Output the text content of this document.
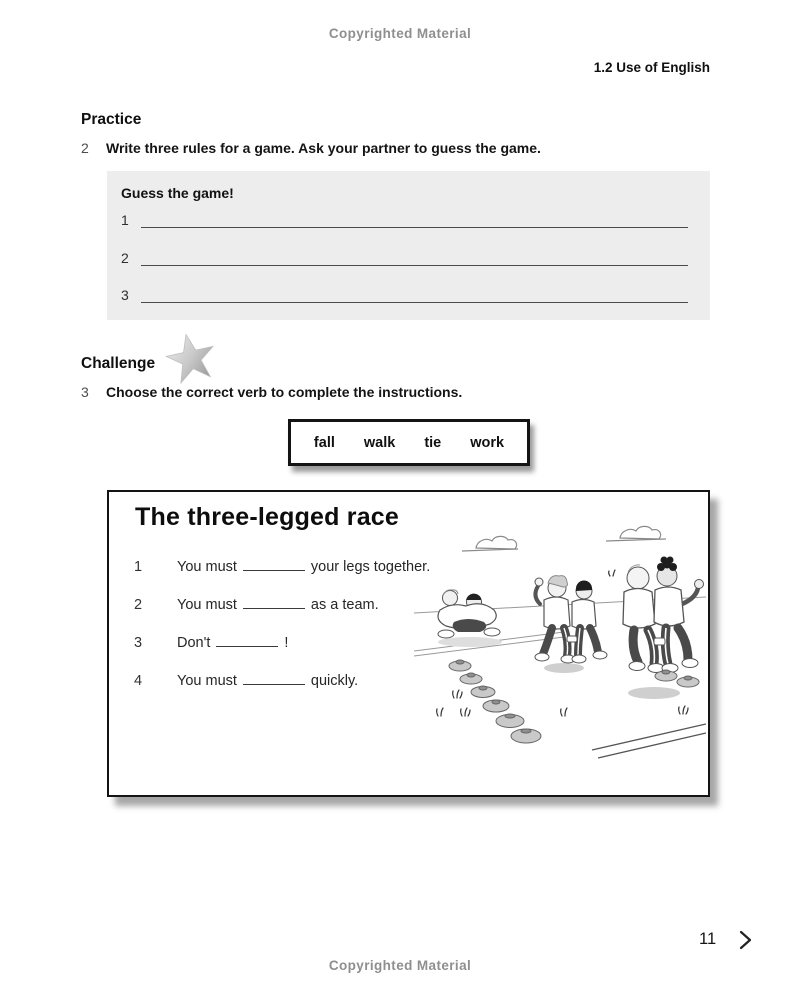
Copyrighted Material
1.2 Use of English
Practice
2	Write three rules for a game. Ask your partner to guess the game.
Guess the game!
1
2
3
Challenge
3	Choose the correct verb to complete the instructions.
fall walk tie work
The three-legged race
1	You must	your legs together.
2	You must	as a team.
3	Don't	!
4	You must	quickly.
11
Copyrighted Material
